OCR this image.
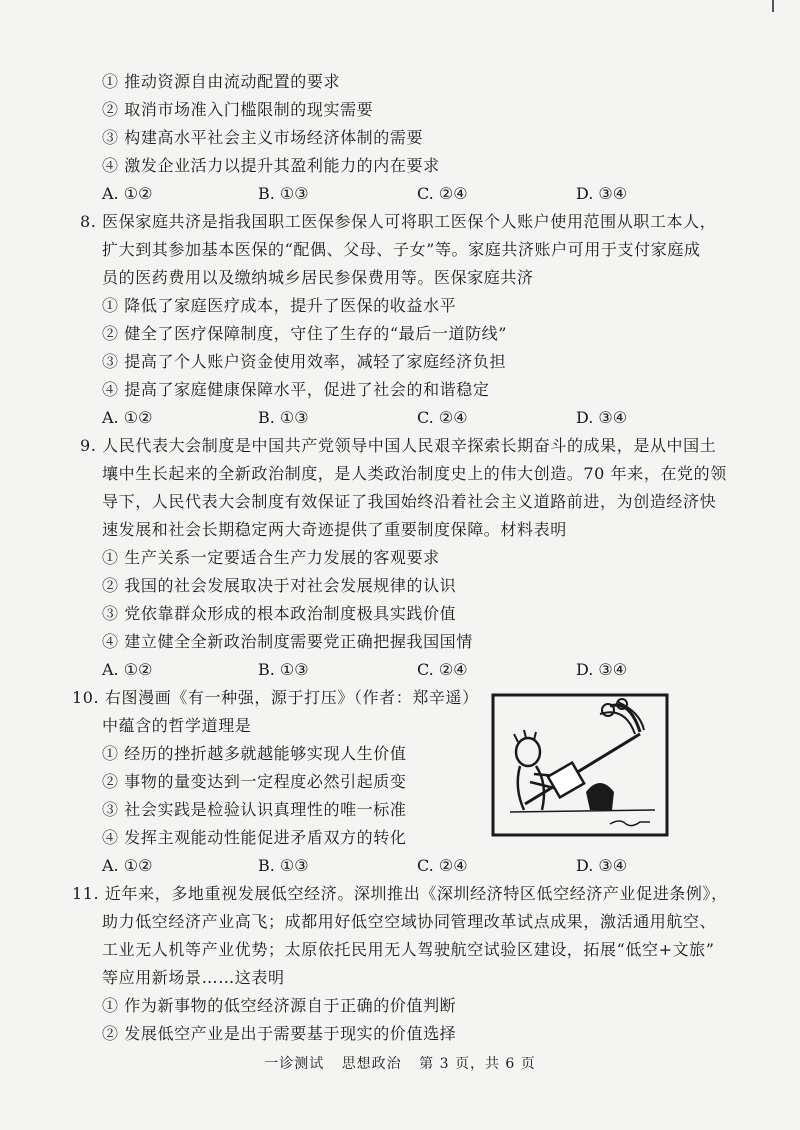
① 推动资源自由流动配置的要求
② 取消市场准入门槛限制的现实需要
③ 构建高水平社会主义市场经济体制的需要
④ 激发企业活力以提升其盈利能力的内在要求
A. ①②	B. ①③	C. ②④	D. ③④
8. 医保家庭共济是指我国职工医保参保人可将职工医保个人账户使用范围从职工本人，
扩大到其参加基本医保的“配偶、父母、子女”等。家庭共济账户可用于支付家庭成
员的医药费用以及缴纳城乡居民参保费用等。医保家庭共济
① 降低了家庭医疗成本，提升了医保的收益水平
② 健全了医疗保障制度，守住了生存的“最后一道防线”
③ 提高了个人账户资金使用效率，减轻了家庭经济负担
④ 提高了家庭健康保障水平，促进了社会的和谐稳定
A. ①②	B. ①③	C. ②④	D. ③④
9. 人民代表大会制度是中国共产党领导中国人民艰辛探索长期奋斗的成果，是从中国土
壤中生长起来的全新政治制度，是人类政治制度史上的伟大创造。70 年来，在党的领
导下，人民代表大会制度有效保证了我国始终沿着社会主义道路前进，为创造经济快
速发展和社会长期稳定两大奇迹提供了重要制度保障。材料表明
① 生产关系一定要适合生产力发展的客观要求
② 我国的社会发展取决于对社会发展规律的认识
③ 党依靠群众形成的根本政治制度极具实践价值
④ 建立健全全新政治制度需要党正确把握我国国情
A. ①②	B. ①③	C. ②④	D. ③④
10. 右图漫画《有一种强，源于打压》（作者：郑辛遥）
中蕴含的哲学道理是
① 经历的挫折越多就越能够实现人生价值
② 事物的量变达到一定程度必然引起质变
③ 社会实践是检验认识真理性的唯一标准
④ 发挥主观能动性能促进矛盾双方的转化
A. ①②	B. ①③	C. ②④	D. ③④
11. 近年来，多地重视发展低空经济。深圳推出《深圳经济特区低空经济产业促进条例》，
助力低空经济产业高飞；成都用好低空空域协同管理改革试点成果，激活通用航空、
工业无人机等产业优势；太原依托民用无人驾驶航空试验区建设，拓展“低空+文旅”
等应用新场景……这表明
① 作为新事物的低空经济源自于正确的价值判断
② 发展低空产业是出于需要基于现实的价值选择
一诊测试 思想政治 第 3 页，共 6 页
